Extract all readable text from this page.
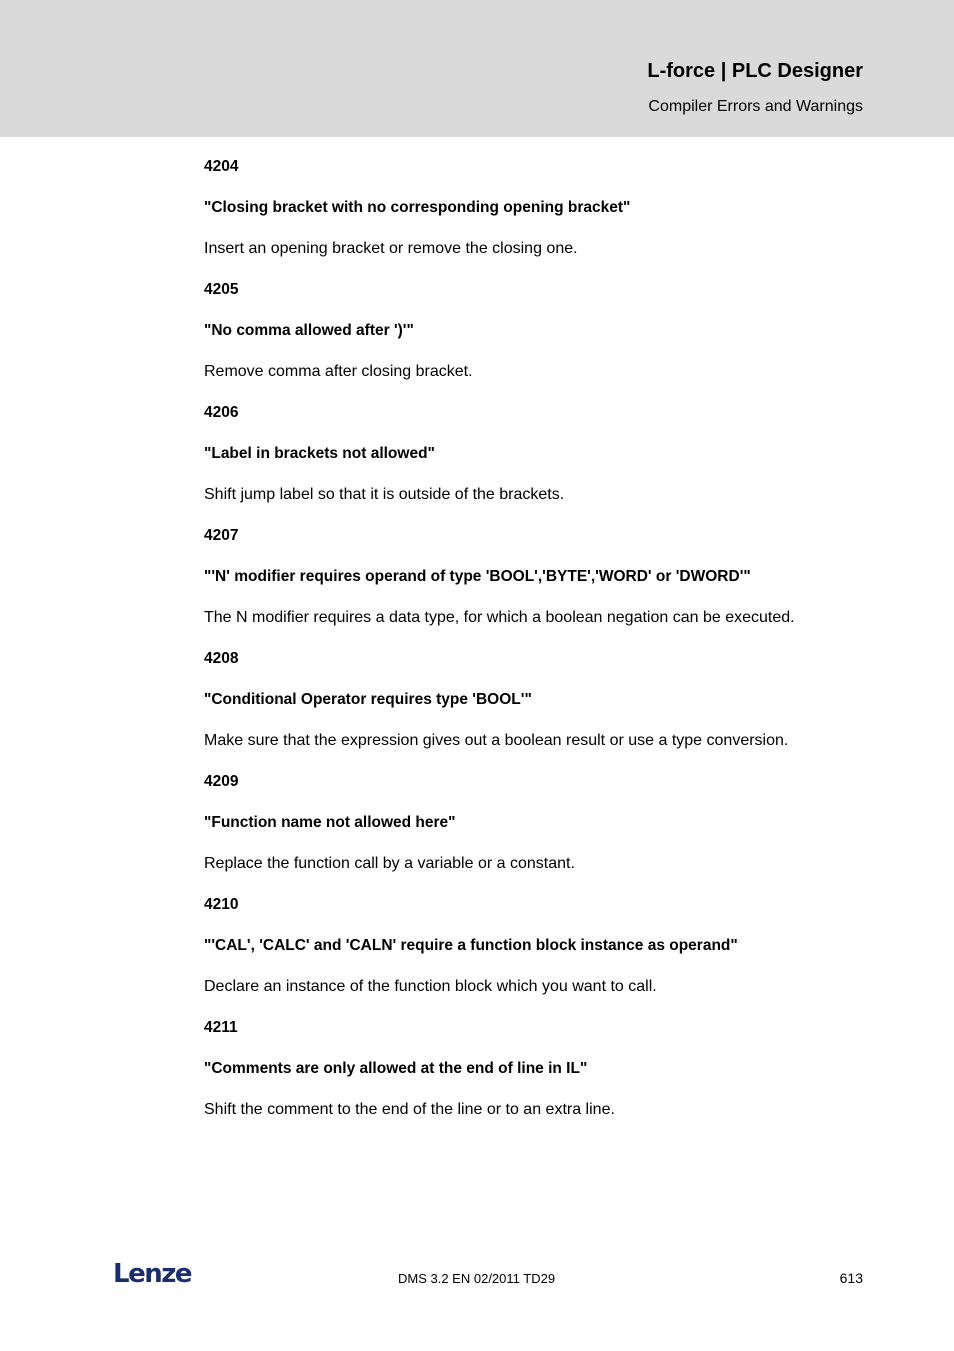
L-force | PLC Designer
Compiler Errors and Warnings
4204
"Closing bracket with no corresponding opening bracket"
Insert an opening bracket or remove the closing one.
4205
"No comma allowed after ')'"
Remove comma after closing bracket.
4206
"Label in brackets not allowed"
Shift jump label so that it is outside of the brackets.
4207
"'N' modifier requires operand of type 'BOOL','BYTE','WORD' or 'DWORD'"
The N modifier requires a data type, for which a boolean negation can be executed.
4208
"Conditional Operator requires type 'BOOL'"
Make sure that the expression gives out a boolean result or use a type conversion.
4209
"Function name not allowed here"
Replace the function call by a variable or a constant.
4210
"'CAL', 'CALC' and 'CALN' require a function block instance as operand"
Declare an instance of the function block which you want to call.
4211
"Comments are only allowed at the end of line in IL"
Shift the comment to the end of the line or to an extra line.
Lenze	DMS 3.2 EN 02/2011 TD29	613
